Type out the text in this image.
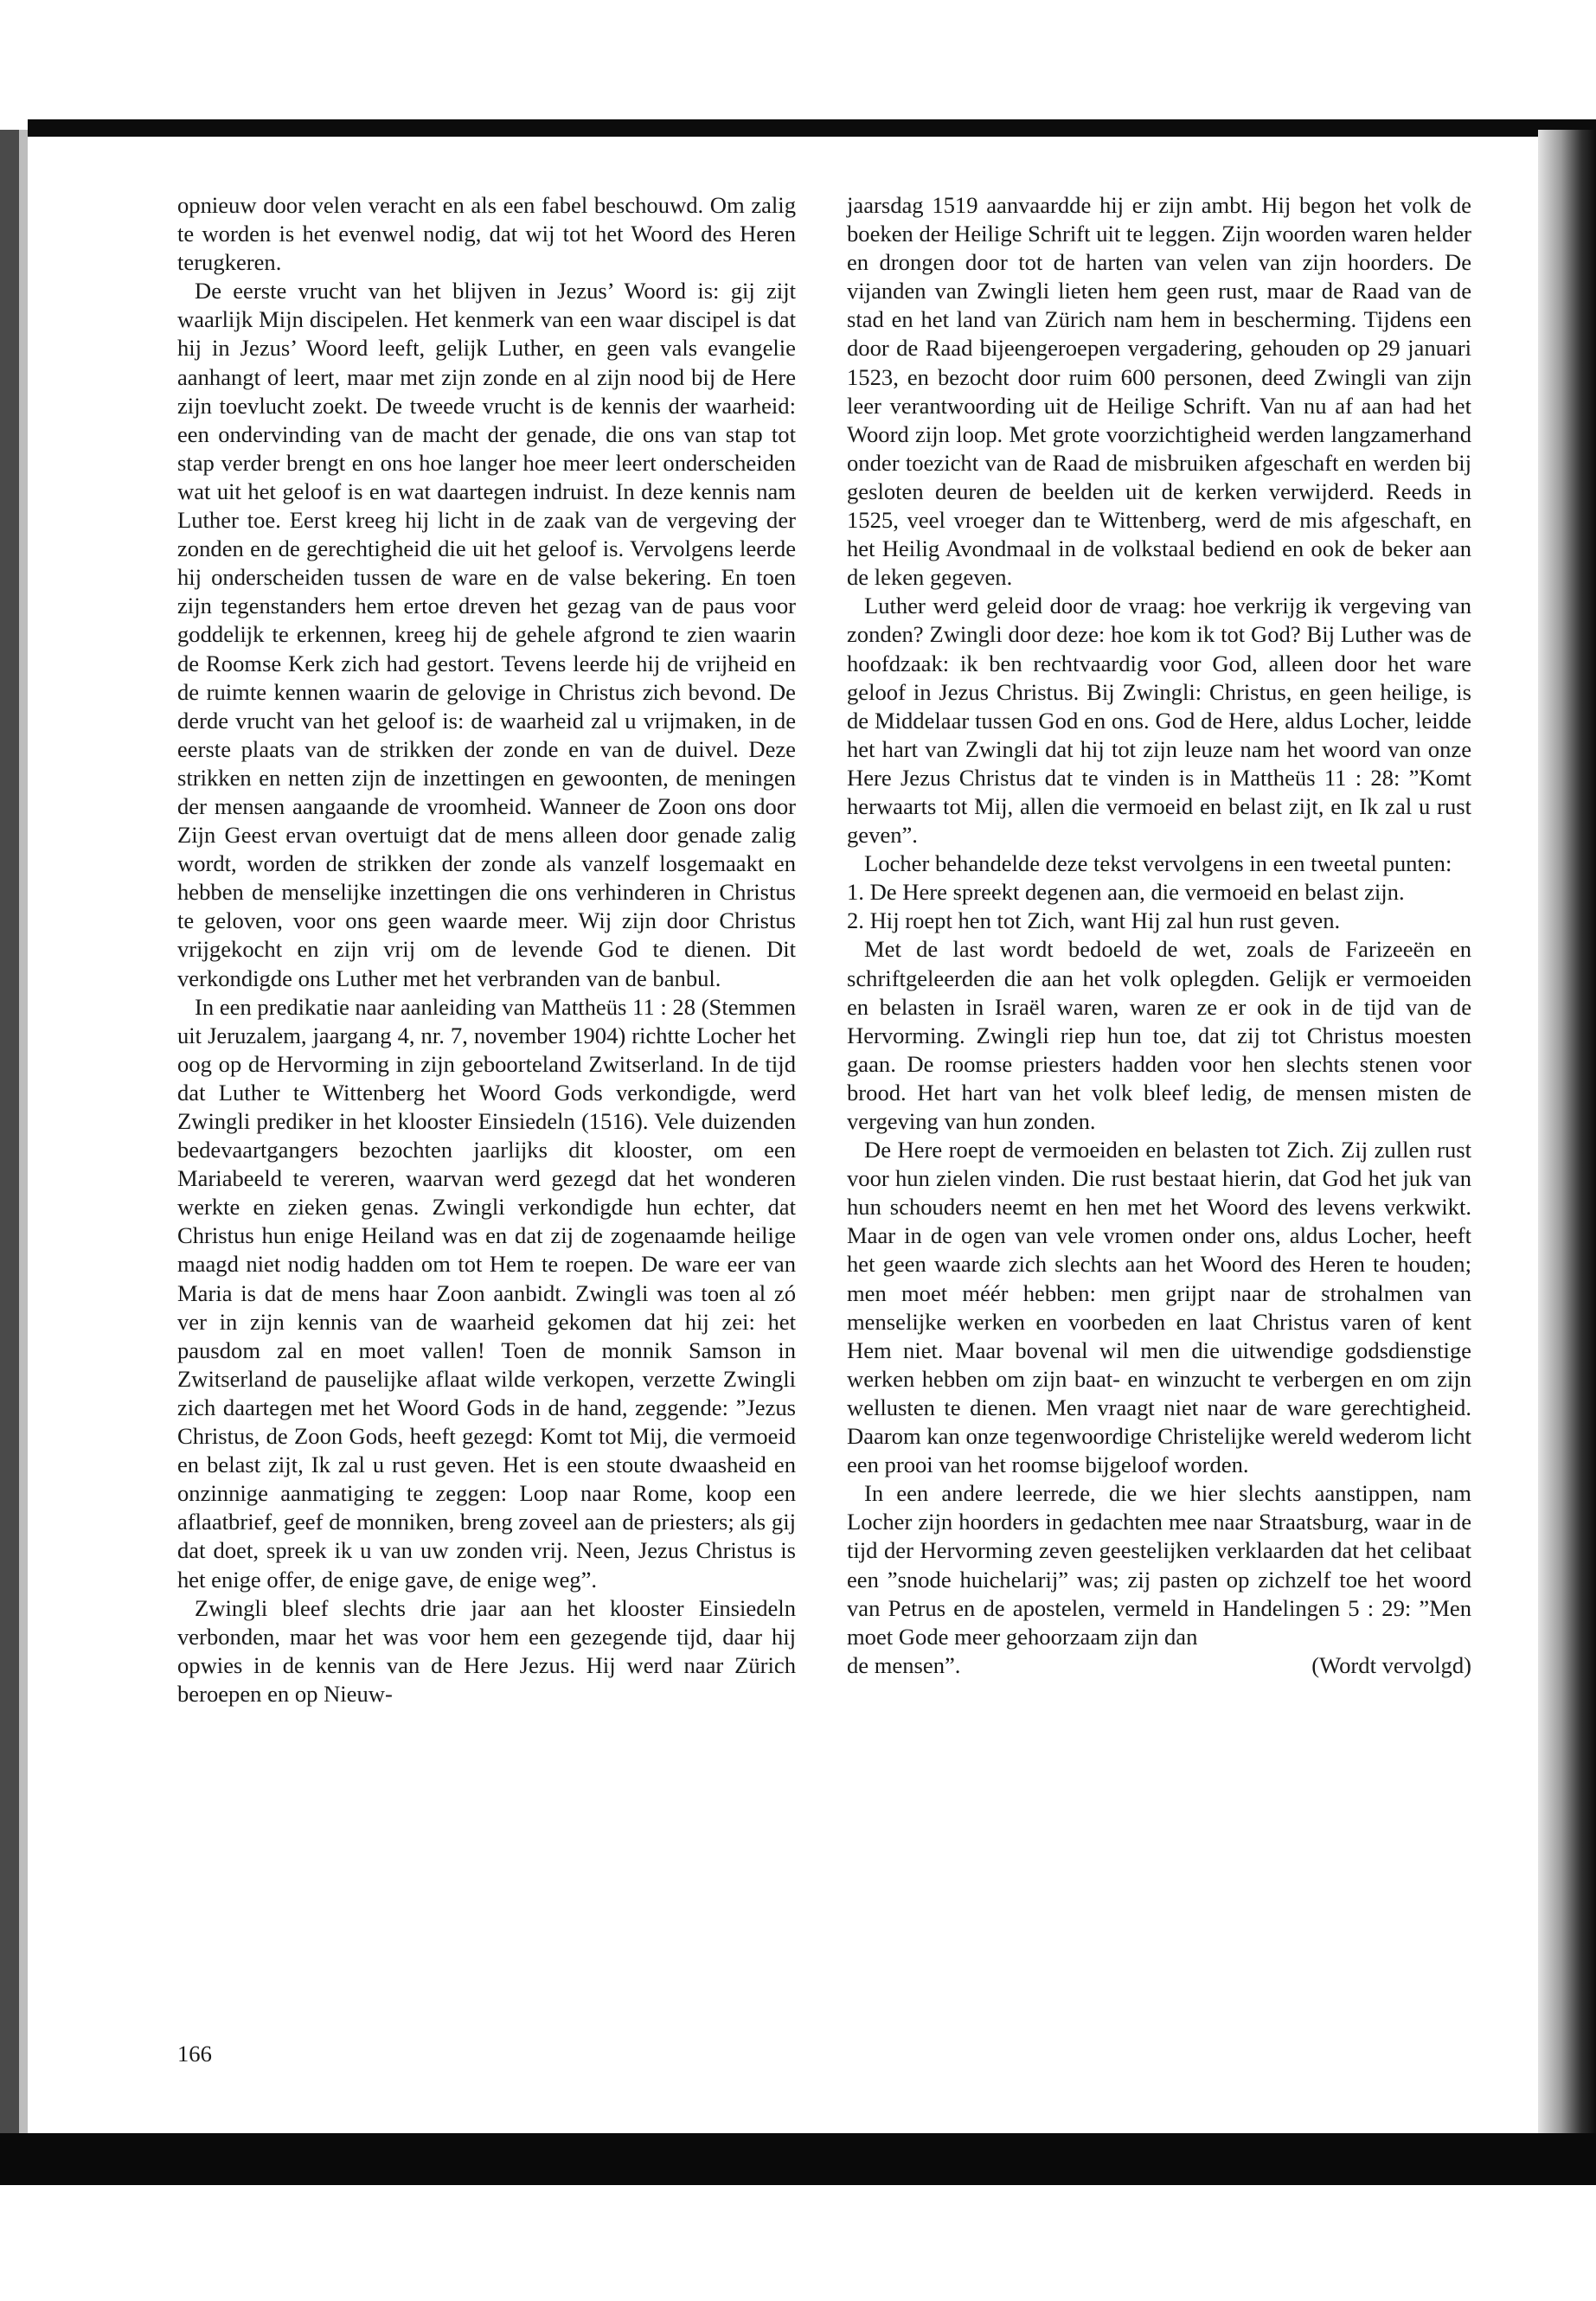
opnieuw door velen veracht en als een fabel beschouwd. Om zalig te worden is het evenwel nodig, dat wij tot het Woord des Heren terugkeren.

De eerste vrucht van het blijven in Jezus’ Woord is: gij zijt waarlijk Mijn discipelen. Het kenmerk van een waar discipel is dat hij in Jezus’ Woord leeft, gelijk Luther, en geen vals evangelie aanhangt of leert, maar met zijn zonde en al zijn nood bij de Here zijn toevlucht zoekt. De tweede vrucht is de kennis der waarheid: een ondervinding van de macht der genade, die ons van stap tot stap verder brengt en ons hoe langer hoe meer leert onderscheiden wat uit het geloof is en wat daartegen indruist. In deze kennis nam Luther toe. Eerst kreeg hij licht in de zaak van de vergeving der zonden en de gerechtigheid die uit het geloof is. Vervolgens leerde hij onderscheiden tussen de ware en de valse bekering. En toen zijn tegenstanders hem ertoe dreven het gezag van de paus voor goddelijk te erkennen, kreeg hij de gehele afgrond te zien waarin de Roomse Kerk zich had gestort. Tevens leerde hij de vrijheid en de ruimte kennen waarin de gelovige in Christus zich bevond. De derde vrucht van het geloof is: de waarheid zal u vrijmaken, in de eerste plaats van de strikken der zonde en van de duivel. Deze strikken en netten zijn de inzettingen en gewoonten, de meningen der mensen aangaande de vroomheid. Wanneer de Zoon ons door Zijn Geest ervan overtuigt dat de mens alleen door genade zalig wordt, worden de strikken der zonde als vanzelf losgemaakt en hebben de menselijke inzettingen die ons verhinderen in Christus te geloven, voor ons geen waarde meer. Wij zijn door Christus vrijgekocht en zijn vrij om de levende God te dienen. Dit verkondigde ons Luther met het verbranden van de banbul.

In een predikatie naar aanleiding van Mattheüs 11 : 28 (Stemmen uit Jeruzalem, jaargang 4, nr. 7, november 1904) richtte Locher het oog op de Hervorming in zijn geboorteland Zwitserland. In de tijd dat Luther te Wittenberg het Woord Gods verkondigde, werd Zwingli prediker in het klooster Einsiedeln (1516). Vele duizenden bedevaartgangers bezochten jaarlijks dit klooster, om een Mariabeeld te vereren, waarvan werd gezegd dat het wonderen werkte en zieken genas. Zwingli verkondigde hun echter, dat Christus hun enige Heiland was en dat zij de zogenaamde heilige maagd niet nodig hadden om tot Hem te roepen. De ware eer van Maria is dat de mens haar Zoon aanbidt. Zwingli was toen al zó ver in zijn kennis van de waarheid gekomen dat hij zei: het pausdom zal en moet vallen! Toen de monnik Samson in Zwitserland de pauselijke aflaat wilde verkopen, verzette Zwingli zich daartegen met het Woord Gods in de hand, zeggende: ”Jezus Christus, de Zoon Gods, heeft gezegd: Komt tot Mij, die vermoeid en belast zijt, Ik zal u rust geven. Het is een stoute dwaasheid en onzinnige aanmatiging te zeggen: Loop naar Rome, koop een aflaatbrief, geef de monniken, breng zoveel aan de priesters; als gij dat doet, spreek ik u van uw zonden vrij. Neen, Jezus Christus is het enige offer, de enige gave, de enige weg”.

Zwingli bleef slechts drie jaar aan het klooster Einsiedeln verbonden, maar het was voor hem een gezegende tijd, daar hij opwies in de kennis van de Here Jezus. Hij werd naar Zürich beroepen en op Nieuw-

jaarsdag 1519 aanvaardde hij er zijn ambt. Hij begon het volk de boeken der Heilige Schrift uit te leggen. Zijn woorden waren helder en drongen door tot de harten van velen van zijn hoorders. De vijanden van Zwingli lieten hem geen rust, maar de Raad van de stad en het land van Zürich nam hem in bescherming. Tijdens een door de Raad bijeengeroepen vergadering, gehouden op 29 januari 1523, en bezocht door ruim 600 personen, deed Zwingli van zijn leer verantwoording uit de Heilige Schrift. Van nu af aan had het Woord zijn loop. Met grote voorzichtigheid werden langzamerhand onder toezicht van de Raad de misbruiken afgeschaft en werden bij gesloten deuren de beelden uit de kerken verwijderd. Reeds in 1525, veel vroeger dan te Wittenberg, werd de mis afgeschaft, en het Heilig Avondmaal in de volkstaal bediend en ook de beker aan de leken gegeven.

Luther werd geleid door de vraag: hoe verkrijg ik vergeving van zonden? Zwingli door deze: hoe kom ik tot God? Bij Luther was de hoofdzaak: ik ben rechtvaardig voor God, alleen door het ware geloof in Jezus Christus. Bij Zwingli: Christus, en geen heilige, is de Middelaar tussen God en ons. God de Here, aldus Locher, leidde het hart van Zwingli dat hij tot zijn leuze nam het woord van onze Here Jezus Christus dat te vinden is in Mattheüs 11 : 28: ”Komt herwaarts tot Mij, allen die vermoeid en belast zijt, en Ik zal u rust geven”.

Locher behandelde deze tekst vervolgens in een tweetal punten:

1. De Here spreekt degenen aan, die vermoeid en belast zijn.

2. Hij roept hen tot Zich, want Hij zal hun rust geven.

Met de last wordt bedoeld de wet, zoals de Farizeeën en schriftgeleerden die aan het volk oplegden. Gelijk er vermoeiden en belasten in Israël waren, waren ze er ook in de tijd van de Hervorming. Zwingli riep hun toe, dat zij tot Christus moesten gaan. De roomse priesters hadden voor hen slechts stenen voor brood. Het hart van het volk bleef ledig, de mensen misten de vergeving van hun zonden.

De Here roept de vermoeiden en belasten tot Zich. Zij zullen rust voor hun zielen vinden. Die rust bestaat hierin, dat God het juk van hun schouders neemt en hen met het Woord des levens verkwikt. Maar in de ogen van vele vromen onder ons, aldus Locher, heeft het geen waarde zich slechts aan het Woord des Heren te houden; men moet méér hebben: men grijpt naar de strohalmen van menselijke werken en voorbeden en laat Christus varen of kent Hem niet. Maar bovenal wil men die uitwendige godsdienstige werken hebben om zijn baat- en winzucht te verbergen en om zijn wellusten te dienen. Men vraagt niet naar de ware gerechtigheid. Daarom kan onze tegenwoordige Christelijke wereld wederom licht een prooi van het roomse bijgeloof worden.

In een andere leerrede, die we hier slechts aanstippen, nam Locher zijn hoorders in gedachten mee naar Straatsburg, waar in de tijd der Hervorming zeven geestelijken verklaarden dat het celibaat een ”snode huichelarij” was; zij pasten op zichzelf toe het woord van Petrus en de apostelen, vermeld in Handelingen 5 : 29: ”Men moet Gode meer gehoorzaam zijn dan

de mensen”.	(Wordt vervolgd)
166
